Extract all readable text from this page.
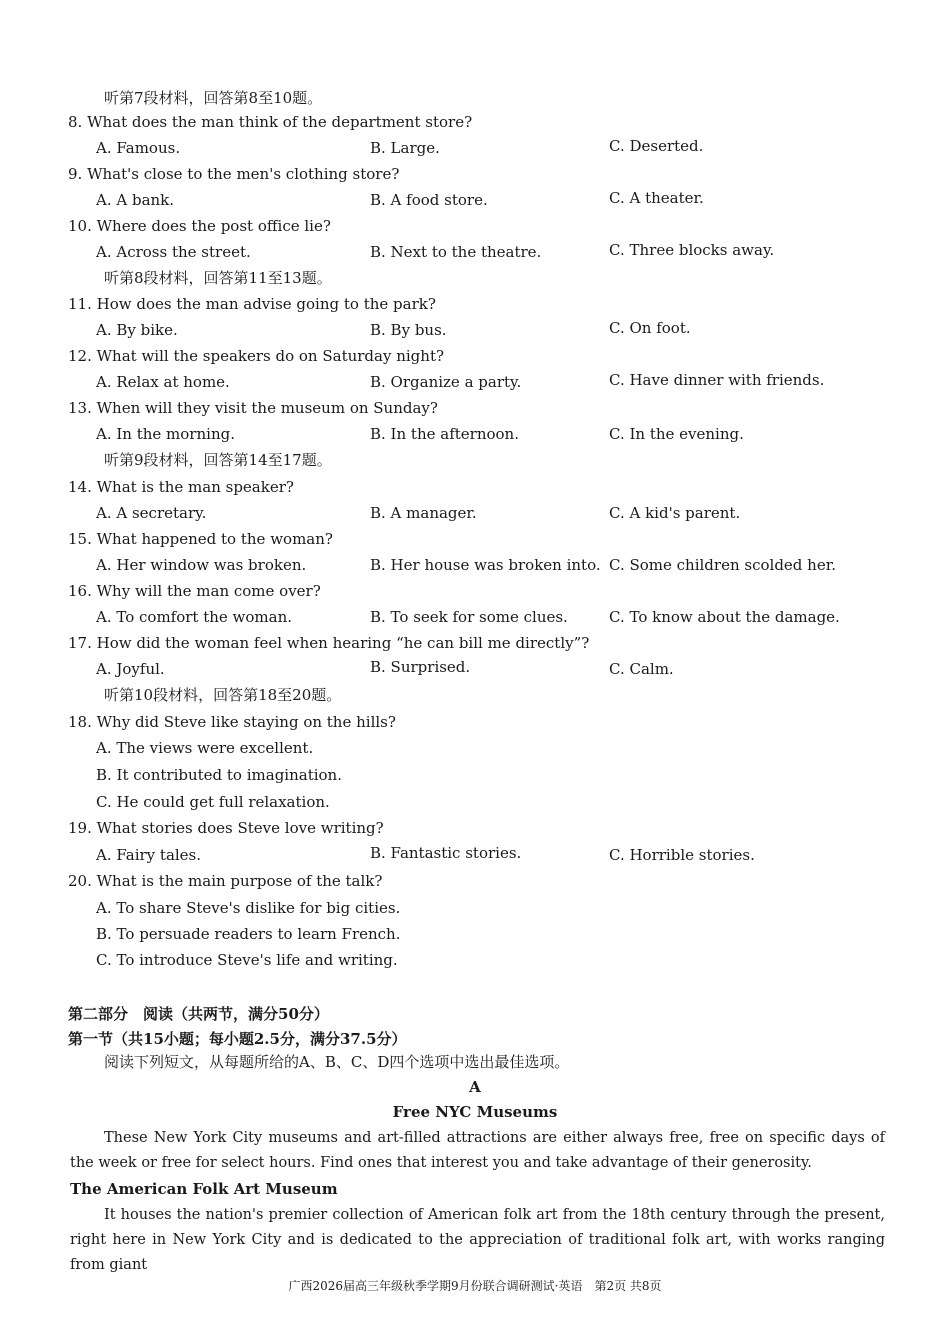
听第7段材料，回答第8至10题。
8. What does the man think of the department store?
A. Famous.	B. Large.	C. Deserted.
9. What's close to the men's clothing store?
A. A bank.	B. A food store.	C. A theater.
10. Where does the post office lie?
A. Across the street.	B. Next to the theatre.	C. Three blocks away.
听第8段材料，回答第11至13题。
11. How does the man advise going to the park?
A. By bike.	B. By bus.	C. On foot.
12. What will the speakers do on Saturday night?
A. Relax at home.	B. Organize a party.	C. Have dinner with friends.
13. When will they visit the museum on Sunday?
A. In the morning.	B. In the afternoon.	C. In the evening.
听第9段材料，回答第14至17题。
14. What is the man speaker?
A. A secretary.	B. A manager.	C. A kid's parent.
15. What happened to the woman?
A. Her window was broken.	B. Her house was broken into. C. Some children scolded her.
16. Why will the man come over?
A. To comfort the woman.	B. To seek for some clues.	C. To know about the damage.
17. How did the woman feel when hearing “he can bill me directly”?
A. Joyful.	B. Surprised.	C. Calm.
听第10段材料，回答第18至20题。
18. Why did Steve like staying on the hills?
A. The views were excellent.
B. It contributed to imagination.
C. He could get full relaxation.
19. What stories does Steve love writing?
A. Fairy tales.	B. Fantastic stories.	C. Horrible stories.
20. What is the main purpose of the talk?
A. To share Steve's dislike for big cities.
B. To persuade readers to learn French.
C. To introduce Steve's life and writing.
第二部分　阅读（共两节，满分50分）
第一节（共15小题；每小题2.5分，满分37.5分）
阅读下列短文，从每题所给的A、B、C、D四个选项中选出最佳选项。
A
Free NYC Museums
These New York City museums and art-filled attractions are either always free, free on specific days of the week or free for select hours. Find ones that interest you and take advantage of their generosity.
The American Folk Art Museum
It houses the nation's premier collection of American folk art from the 18th century through the present, right here in New York City and is dedicated to the appreciation of traditional folk art, with works ranging from giant
广西2026届高三年级秋季学期9月份联合调研测试·英语　第2页 共8页
